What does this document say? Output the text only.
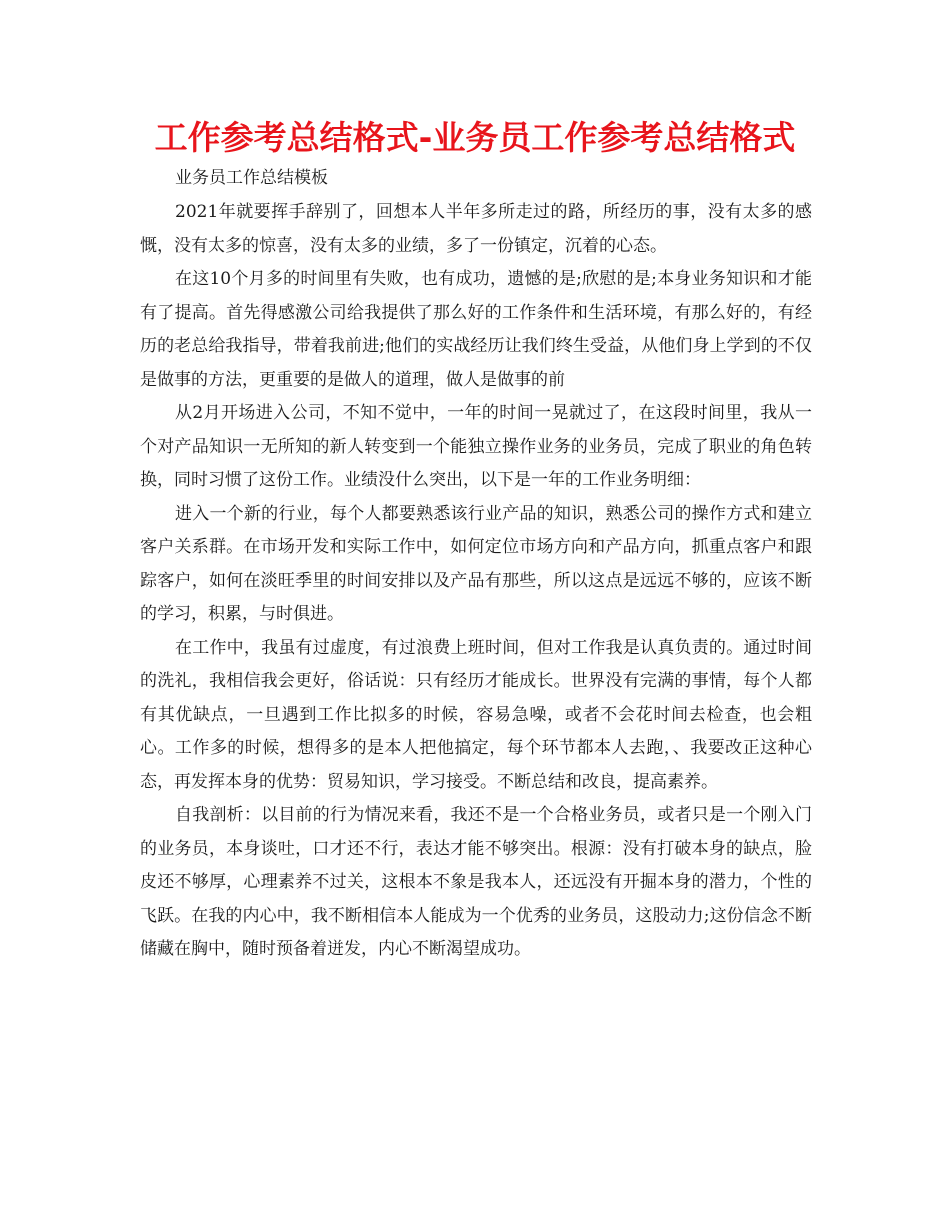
工作参考总结格式-业务员工作参考总结格式

业务员工作总结模板

2021年就要挥手辞别了，回想本人半年多所走过的路，所经历的事，没有太多的感慨，没有太多的惊喜，没有太多的业绩，多了一份镇定，沉着的心态。

在这10个月多的时间里有失败，也有成功，遗憾的是;欣慰的是;本身业务知识和才能有了提高。首先得感激公司给我提供了那么好的工作条件和生活环境，有那么好的，有经历的老总给我指导，带着我前进;他们的实战经历让我们终生受益，从他们身上学到的不仅是做事的方法，更重要的是做人的道理，做人是做事的前

从2月开场进入公司，不知不觉中，一年的时间一晃就过了，在这段时间里，我从一个对产品知识一无所知的新人转变到一个能独立操作业务的业务员，完成了职业的角色转换，同时习惯了这份工作。业绩没什么突出，以下是一年的工作业务明细：

进入一个新的行业，每个人都要熟悉该行业产品的知识，熟悉公司的操作方式和建立客户关系群。在市场开发和实际工作中，如何定位市场方向和产品方向，抓重点客户和跟踪客户，如何在淡旺季里的时间安排以及产品有那些，所以这点是远远不够的，应该不断的学习，积累，与时俱进。

在工作中，我虽有过虚度，有过浪费上班时间，但对工作我是认真负责的。通过时间的洗礼，我相信我会更好，俗话说：只有经历才能成长。世界没有完满的事情，每个人都有其优缺点，一旦遇到工作比拟多的时候，容易急噪，或者不会花时间去检查，也会粗心。工作多的时候，想得多的是本人把他搞定，每个环节都本人去跑，、我要改正这种心态，再发挥本身的优势：贸易知识，学习接受。不断总结和改良，提高素养。

自我剖析：以目前的行为情况来看，我还不是一个合格业务员，或者只是一个刚入门的业务员，本身谈吐，口才还不行，表达才能不够突出。根源：没有打破本身的缺点，脸皮还不够厚，心理素养不过关，这根本不象是我本人，还远没有开掘本身的潜力，个性的飞跃。在我的内心中，我不断相信本人能成为一个优秀的业务员，这股动力;这份信念不断储藏在胸中，随时预备着迸发，内心不断渴望成功。
